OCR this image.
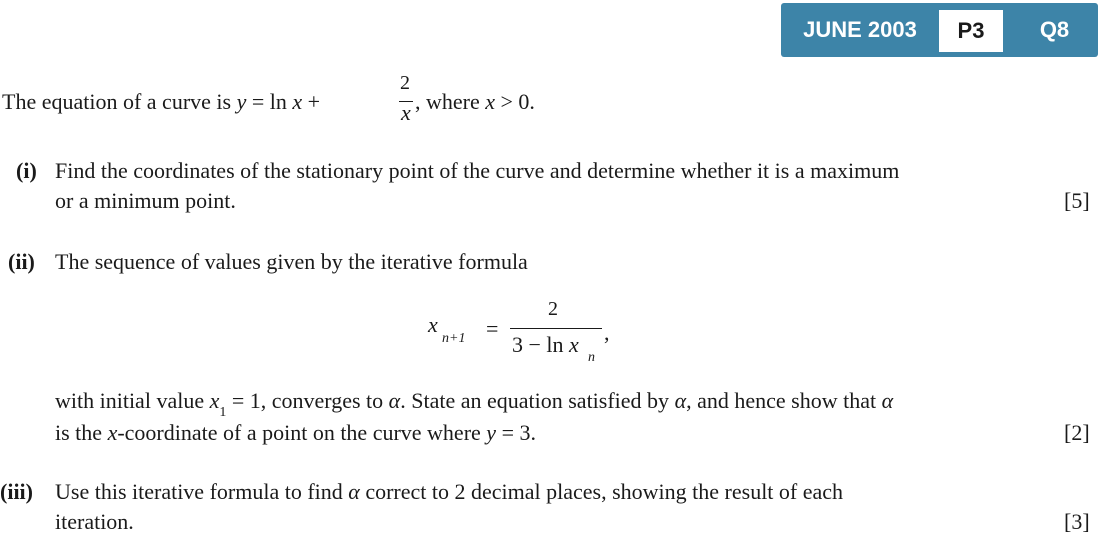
JUNE 2003	P3	Q8
The equation of a curve is y = ln x +
2
x , where x > 0.
(i) Find the coordinates of the stationary point of the curve and determine whether it is a maximum
or a minimum point.	[5]
(ii) The sequence of values given by the iterative formula
x
n+1 =
2
3 − ln x
n
,
with initial value $x_1 = 1$, converges to α. State an equation satisfied by α, and hence show that α
is the x-coordinate of a point on the curve where y = 3.	[2]
(iii) Use this iterative formula to find α correct to 2 decimal places, showing the result of each
iteration.	[3]
